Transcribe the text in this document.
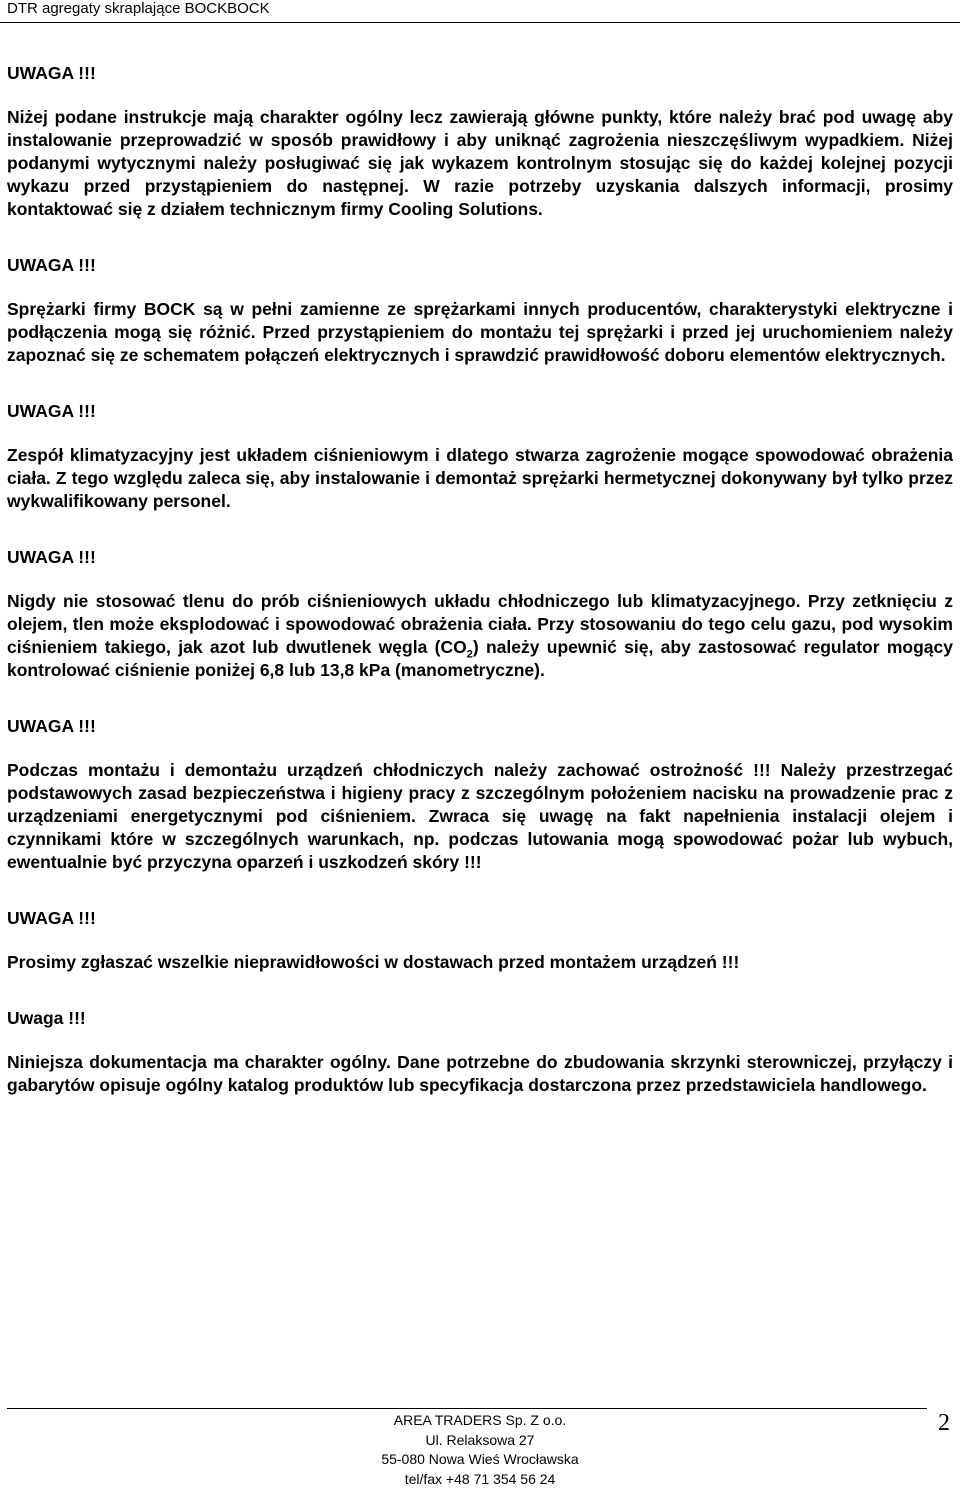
DTR agregaty skraplające BOCKBOCK
UWAGA !!!

Niżej podane instrukcje mają charakter ogólny lecz zawierają główne punkty, które należy brać pod uwagę aby instalowanie przeprowadzić w sposób prawidłowy i aby uniknąć zagrożenia nieszczęśliwym wypadkiem. Niżej podanymi wytycznymi należy posługiwać się jak wykazem kontrolnym stosując się do każdej kolejnej pozycji wykazu przed przystąpieniem do następnej. W razie potrzeby uzyskania dalszych informacji, prosimy kontaktować się z działem technicznym firmy Cooling Solutions.

UWAGA !!!

Sprężarki firmy BOCK są w pełni zamienne ze sprężarkami innych producentów, charakterystyki elektryczne i podłączenia mogą się różnić. Przed przystąpieniem do montażu tej sprężarki i przed jej uruchomieniem należy zapoznać się ze schematem połączeń elektrycznych i sprawdzić prawidłowość doboru elementów elektrycznych.

UWAGA !!!

Zespół klimatyzacyjny jest układem ciśnieniowym i dlatego stwarza zagrożenie mogące spowodować obrażenia ciała. Z tego względu zaleca się, aby instalowanie i demontaż sprężarki hermetycznej dokonywany był tylko przez wykwalifikowany personel.

UWAGA !!!

Nigdy nie stosować tlenu do prób ciśnieniowych układu chłodniczego lub klimatyzacyjnego. Przy zetknięciu z olejem, tlen może eksplodować i spowodować obrażenia ciała. Przy stosowaniu do tego celu gazu, pod wysokim ciśnieniem takiego, jak azot lub dwutlenek węgla $(CO_2)$ należy upewnić się, aby zastosować regulator mogący kontrolować ciśnienie poniżej 6,8 lub 13,8 kPa (manometryczne).

UWAGA !!!

Podczas montażu i demontażu urządzeń chłodniczych należy zachować ostrożność !!! Należy przestrzegać podstawowych zasad bezpieczeństwa i higieny pracy z szczególnym położeniem nacisku na prowadzenie prac z urządzeniami energetycznymi pod ciśnieniem. Zwraca się uwagę na fakt napełnienia instalacji olejem i czynnikami które w szczególnych warunkach, np. podczas lutowania mogą spowodować pożar lub wybuch, ewentualnie być przyczyna oparzeń i uszkodzeń skóry !!!

UWAGA !!!

Prosimy zgłaszać wszelkie nieprawidłowości w dostawach przed montażem urządzeń !!!

Uwaga !!!

Niniejsza dokumentacja ma charakter ogólny. Dane potrzebne do zbudowania skrzynki sterowniczej, przyłączy i gabarytów opisuje ogólny katalog produktów lub specyfikacja dostarczona przez przedstawiciela handlowego.

AREA TRADERS Sp. Z o.o.
Ul. Relaksowa 27
55-080 Nowa Wieś Wrocławska
tel/fax +48 71 354 56 24
2
